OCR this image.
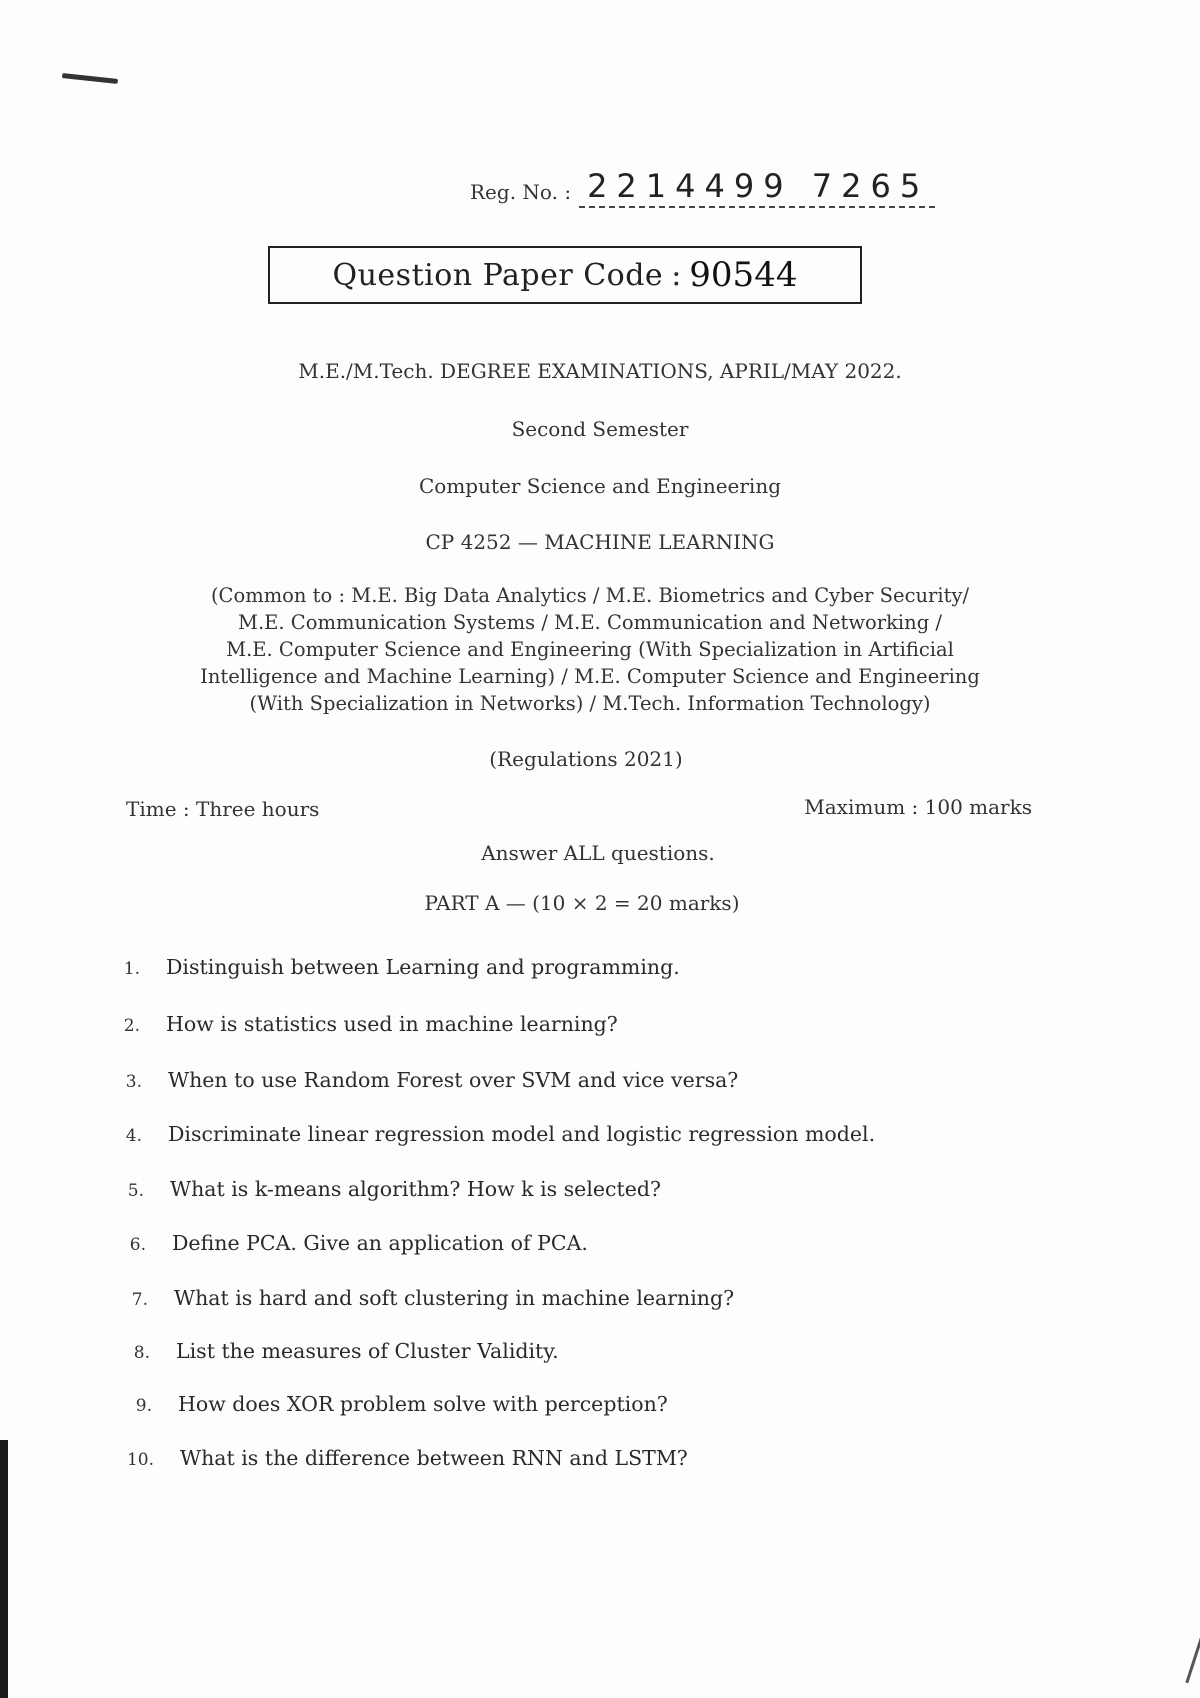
Reg. No. : 2214499 7265
Question Paper Code : 90544
M.E./M.Tech. DEGREE EXAMINATIONS, APRIL/MAY 2022.
Second Semester
Computer Science and Engineering
CP 4252 — MACHINE LEARNING
(Common to : M.E. Big Data Analytics / M.E. Biometrics and Cyber Security/
M.E. Communication Systems / M.E. Communication and Networking /
M.E. Computer Science and Engineering (With Specialization in Artificial
Intelligence and Machine Learning) / M.E. Computer Science and Engineering
(With Specialization in Networks) / M.Tech. Information Technology)
(Regulations 2021)
Time : Three hours	Maximum : 100 marks
Answer ALL questions.
PART A — (10 × 2 = 20 marks)
1. Distinguish between Learning and programming.
2. How is statistics used in machine learning?
3. When to use Random Forest over SVM and vice versa?
4. Discriminate linear regression model and logistic regression model.
5. What is k-means algorithm? How k is selected?
6. Define PCA. Give an application of PCA.
7. What is hard and soft clustering in machine learning?
8. List the measures of Cluster Validity.
9. How does XOR problem solve with perception?
10. What is the difference between RNN and LSTM?
